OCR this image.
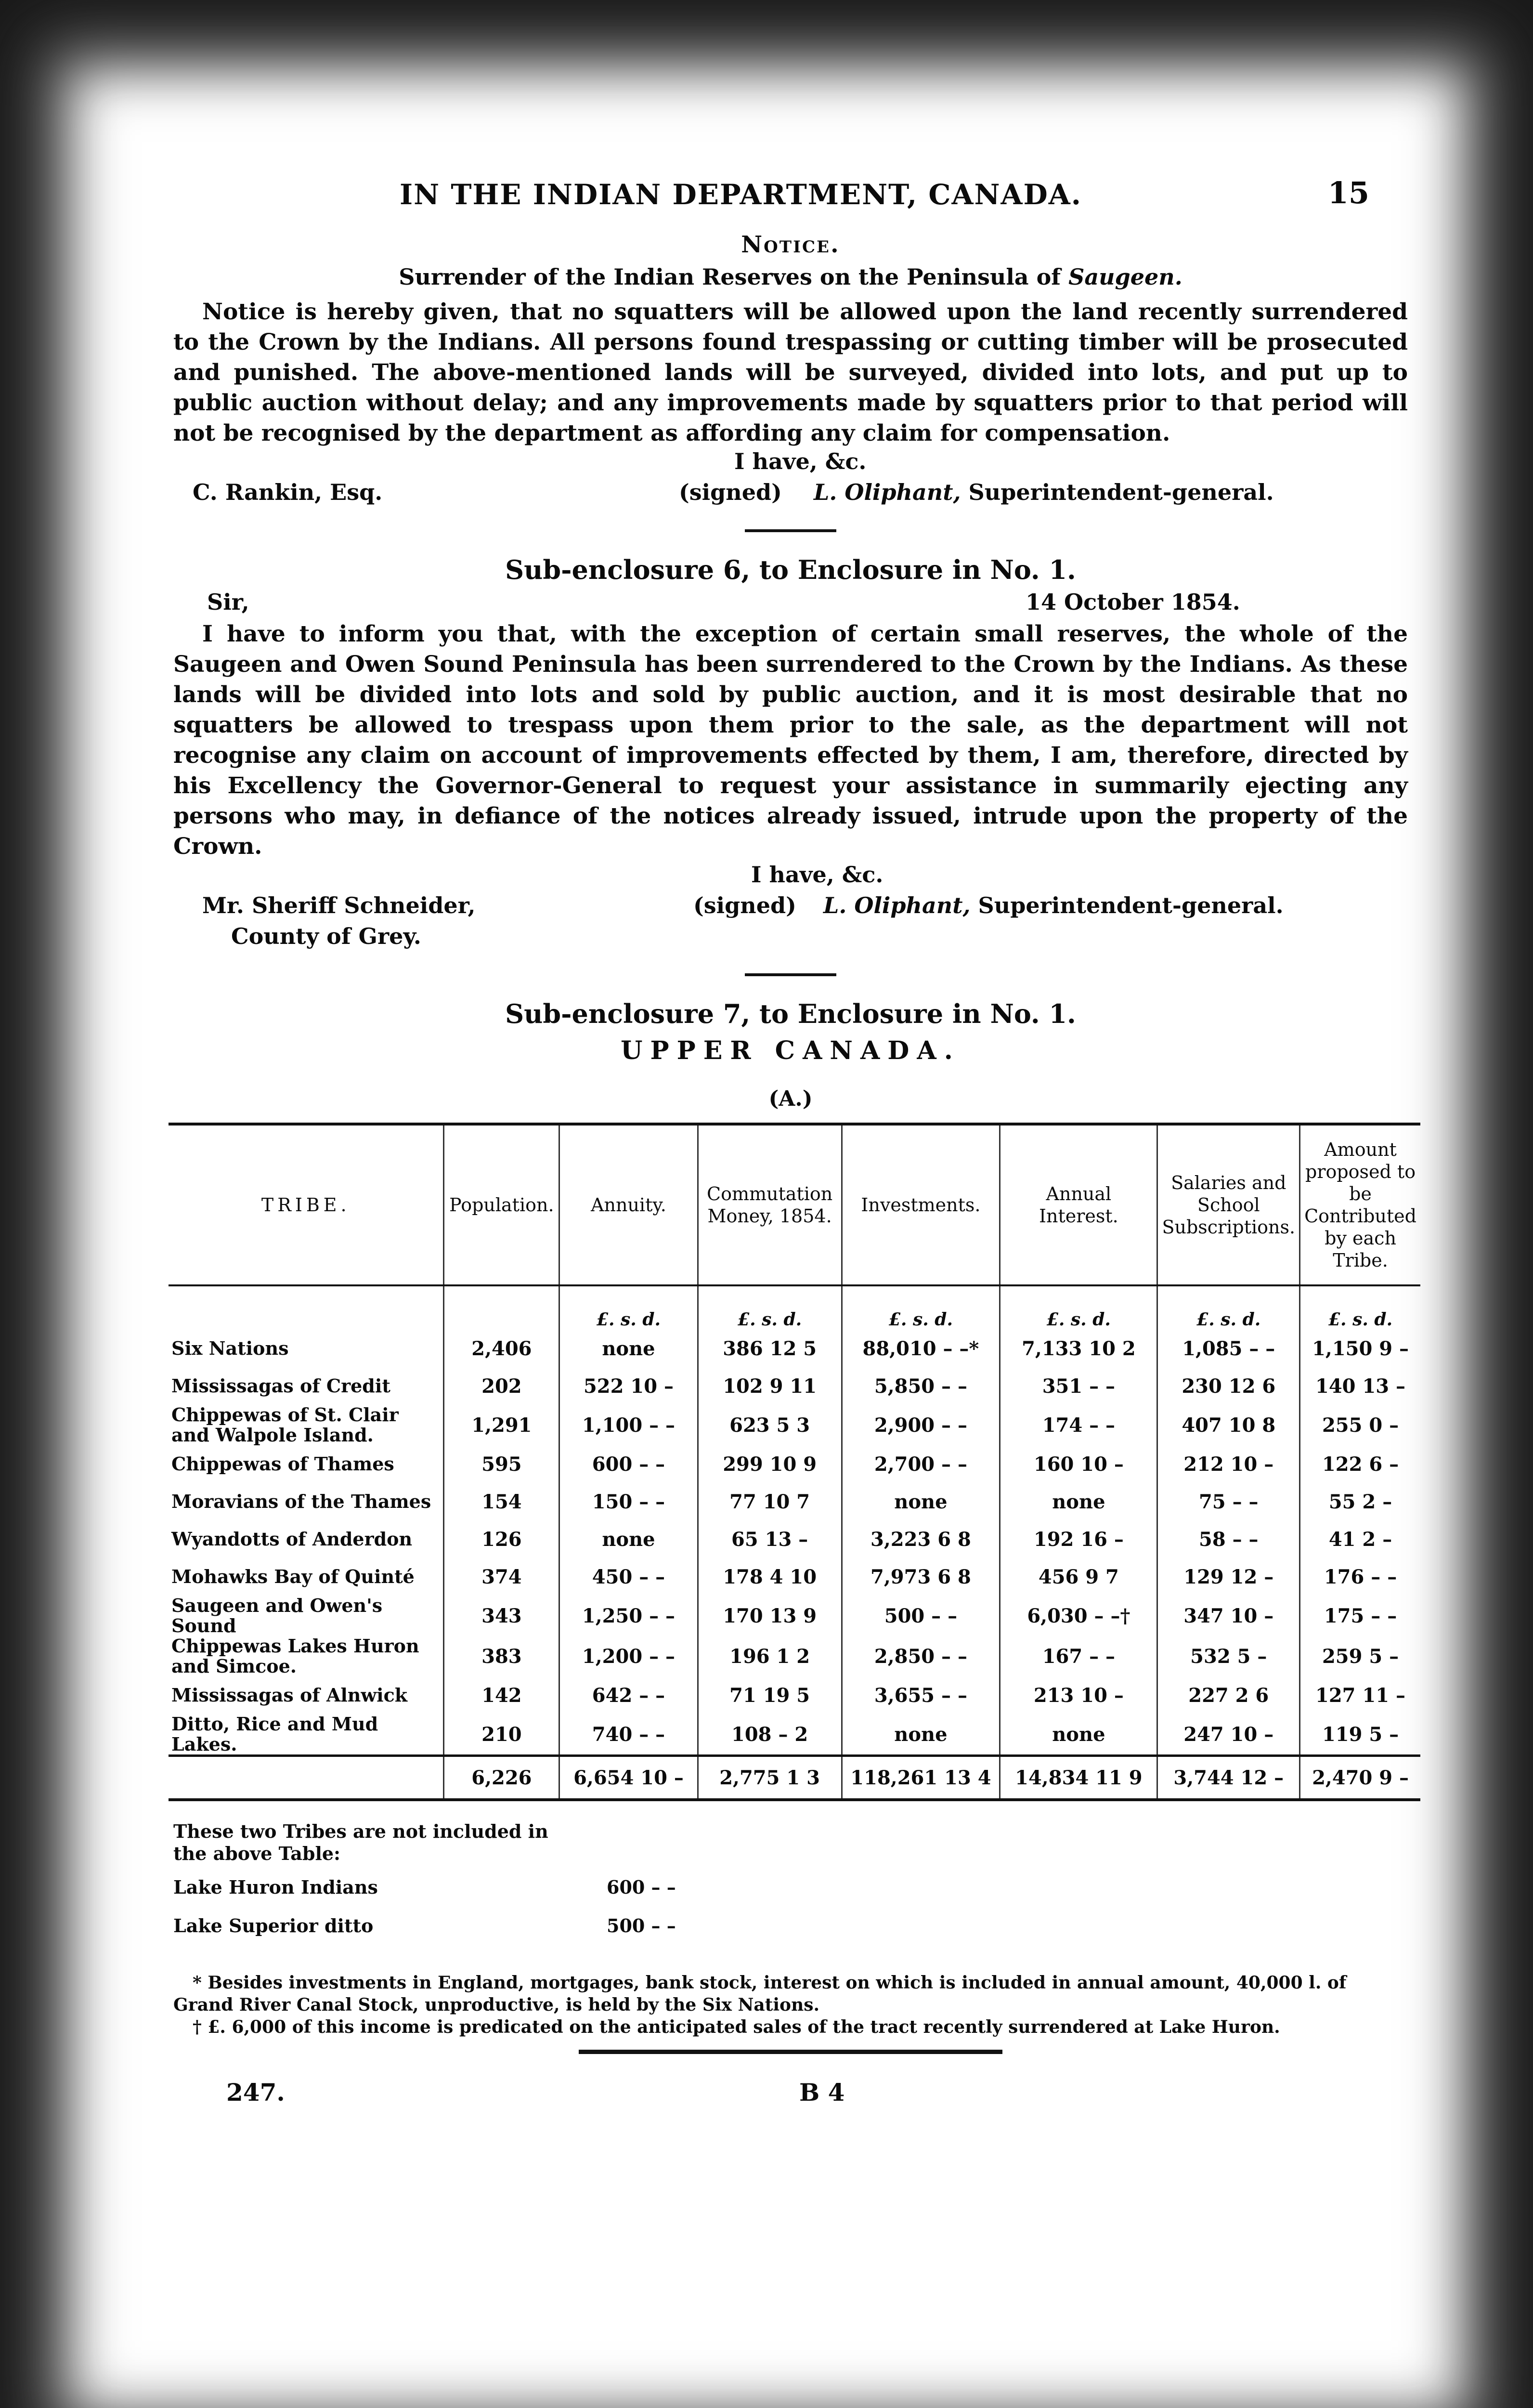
IN THE INDIAN DEPARTMENT, CANADA.	15
Notice.
Surrender of the Indian Reserves on the Peninsula of Saugeen.

Notice is hereby given, that no squatters will be allowed upon the land recently surrendered to the Crown by the Indians. All persons found trespassing or cutting timber will be prosecuted and punished. The above-mentioned lands will be surveyed, divided into lots, and put up to public auction without delay; and any improvements made by squatters prior to that period will not be recognised by the department as affording any claim for compensation.

I have, &c.
C. Rankin, Esq.	(signed) L. Oliphant, Superintendent-general.
Sub-enclosure 6, to Enclosure in No. 1.
Sir,	14 October 1854.

I have to inform you that, with the exception of certain small reserves, the whole of the Saugeen and Owen Sound Peninsula has been surrendered to the Crown by the Indians. As these lands will be divided into lots and sold by public auction, and it is most desirable that no squatters be allowed to trespass upon them prior to the sale, as the department will not recognise any claim on account of improvements effected by them, I am, therefore, directed by his Excellency the Governor-General to request your assistance in summarily ejecting any persons who may, in defiance of the notices already issued, intrude upon the property of the Crown.

I have, &c.
Mr. Sheriff Schneider,	(signed) L. Oliphant, Superintendent-general.
County of Grey.
Sub-enclosure 7, to Enclosure in No. 1.
UPPER CANADA.
(A.)
TRIBE.	Population.	Annuity.	Commutation Money, 1854.	Investments.	Annual Interest.	Salaries and School Subscriptions.	Amount proposed to be Contributed by each Tribe.
		£. s. d.	£. s. d.	£. s. d.	£. s. d.	£. s. d.	£. s. d.
Six Nations	2,406	none	386 12 5	88,010 – –*	7,133 10 2	1,085 – –	1,150 9 –
Mississagas of Credit	202	522 10 –	102 9 11	5,850 – –	351 – –	230 12 6	140 13 –
Chippewas of St. Clair and Walpole Island.	1,291	1,100 – –	623 5 3	2,900 – –	174 – –	407 10 8	255 0 –
Chippewas of Thames	595	600 – –	299 10 9	2,700 – –	160 10 –	212 10 –	122 6 –
Moravians of the Thames	154	150 – –	77 10 7	none	none	75 – –	55 2 –
Wyandotts of Anderdon	126	none	65 13 –	3,223 6 8	192 16 –	58 – –	41 2 –
Mohawks Bay of Quinté	374	450 – –	178 4 10	7,973 6 8	456 9 7	129 12 –	176 – –
Saugeen and Owen's Sound	343	1,250 – –	170 13 9	500 – –	6,030 – –†	347 10 –	175 – –
Chippewas Lakes Huron and Simcoe.	383	1,200 – –	196 1 2	2,850 – –	167 – –	532 5 –	259 5 –
Mississagas of Alnwick	142	642 – –	71 19 5	3,655 – –	213 10 –	227 2 6	127 11 –
Ditto, Rice and Mud Lakes.	210	740 – –	108 – 2	none	none	247 10 –	119 5 –
	6,226	6,654 10 –	2,775 1 3	118,261 13 4	14,834 11 9	3,744 12 –	2,470 9 –
These two Tribes are not included in the above Table:
Lake Huron Indians	600 – –
Lake Superior ditto	500 – –
* Besides investments in England, mortgages, bank stock, interest on which is included in annual amount, 40,000 l. of Grand River Canal Stock, unproductive, is held by the Six Nations.
† £. 6,000 of this income is predicated on the anticipated sales of the tract recently surrendered at Lake Huron.
247.	B 4
